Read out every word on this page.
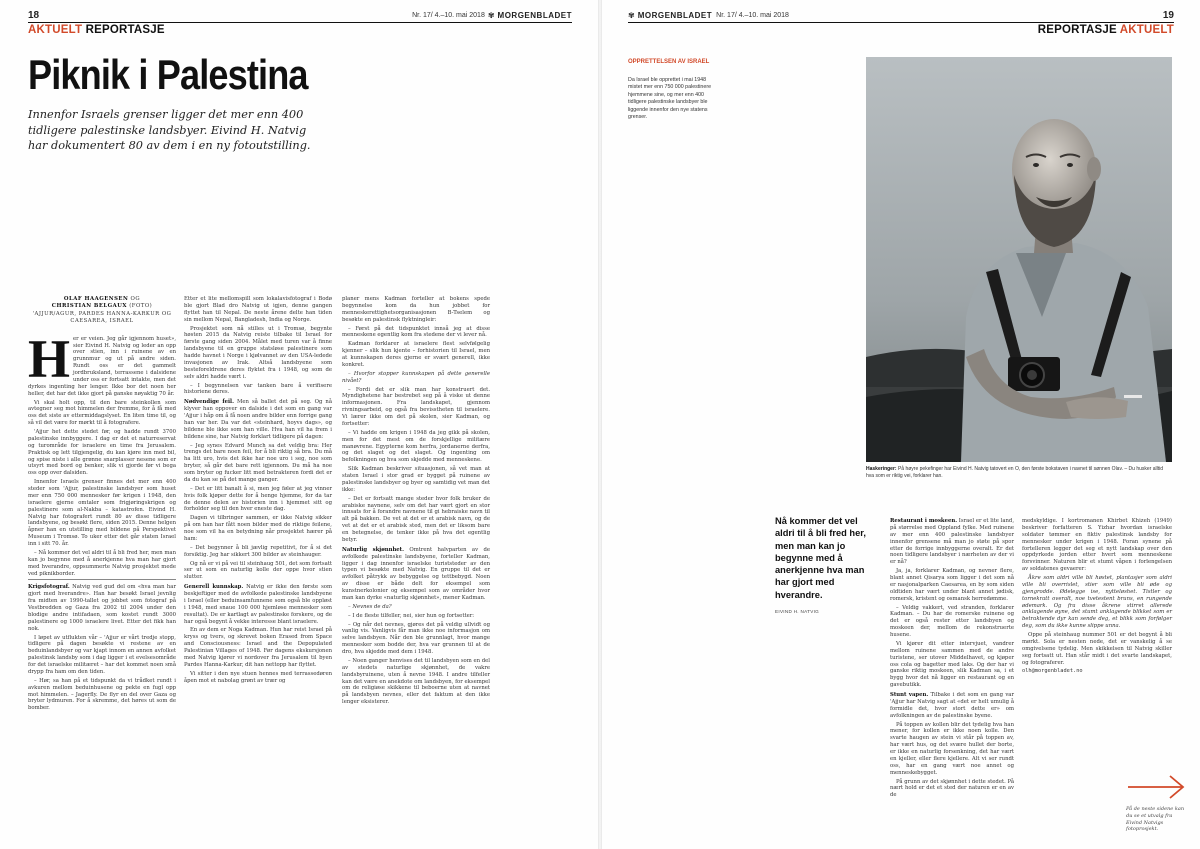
18	Nr. 17/ 4.–10. mai 2018 ✾ MORGENBLADET
AKTUELT REPORTASJE
Piknik i Palestina

Innenfor Israels grenser ligger det mer enn 400 tidligere palestinske landsbyer. Eivind H. Natvig har dokumentert 80 av dem i en ny fotoutstilling.

OLAF HAAGENSEN OG
CHRISTIAN BELGAUX (FOTO)
'AJJUR/AGUR, PARDES HANNA-KARKUR OG CAESAREA, ISRAEL

H er er veien. Jeg går igjennom huset», sier Eivind H. Natvig og leder an opp over stien, inn i ruinene av en grunnmur og ut på andre siden. Rundt oss er det gammelt jordbruksland, terrassene i dalsidene under oss er fortsatt intakte, men det dyrkes ingenting her lenger. Ikke bor det noen her heller, det har det ikke gjort på ganske nøyaktig 70 år.

Vi skal holt opp, til den bare steinkollen som avtegner seg mot himmelen der fremme, for å få med oss det siste av ettermiddagslyset. En liten time til, og så vil det være for mørkt til å fotografere.

'Ajjur het dette stedet før, og hadde rundt 3700 palestinske innbyggere. I dag er det et naturreservat og turområde for israelere en time fra Jerusalem. Praktisk og lett tilgjengelig, du kan kjøre inn med bil, og spise niste i alle grønne snarplasser nesene som er utsyrt med bord og benker, slik vi gjorde før vi bega oss opp over dalsiden.

Innenfor Israels grenser finnes det mer enn 400 steder som 'Ajjur, palestinske landsbyer som huset mer enn 750 000 mennesker før krigen i 1948, den israelere gjerne omtaler som frigjøringskrigen og palestinere som al-Nakba – katastrofen. Eivind H. Natvig har fotografert rundt 80 av disse tidligere landsbyene, og besøkt flere, siden 2015. Denne helgen åpner han en utstilling med bildene på Perspektivet Museum i Tromsø. To uker etter det går staten Israel inn i sitt 70. år.

– Nå kommer det vel aldri til å bli fred her, men man kan jo begynne med å anerkjenne hva man har gjort med hverandre, oppsummerte Natvig prosjektet mede ved piknikborder.

Krigsfotograf. Natvig ved gud del om «hva man har gjort med hverandre». Han har besøkt Israel jevnlig fra midten av 1990-tallet og jobbet som fotograf på Vestbredden og Gaza fra 2002 til 2004 under den blodige andre intifadaen, som kostet rundt 3000 palestinere og 1000 israelere livet. Etter det fikk han nok.

I løpet av utflukten vår – 'Ajjur er vårt tredje stopp, tidligere på dagen besøkte vi restene av en beduinlandsbyer og var kjapt innom en annen avfolket palestinsk landsby som i dag ligger i et evelsesområde for det israelske militæret – har det kommet noen små drypp fra ham om den tiden.

– Hør, sa han på et tidspunkt da vi trådket rundt i avkuren mellom beduinhusene og pekte en fugl opp mot himmelen. – Jagerfly. De flyr en del over Gaza og bryter lydmuren. For å skremme, det høres ut som de bomber.

Etter et lite mellomspill som lokalavisfotograf i Bodø ble gjort Blad dro Natvig ut igjen, denne gangen flyttet han til Nepal. De neste årene delte han tiden sin mellom Nepal, Bangladesh, India og Norge.

Prosjektet som nå stilles ut i Tromsø, begynte høsten 2015 da Natvig reiste tilbake til Israel for første gang siden 2004. Målet med turen var å finne landsbyene til en gruppe statsløse palestinere som hadde havnet i Norge i kjølvannet av den USA-ledede invasjonen av Irak. Altså landsbyene som besteforeldrene deres flyktet fra i 1948, og som de selv aldri hadde vært i.

– I begynnelsen var tanken bare å verifisere historiene deres.

Nødvendige feil. Men så ballet det på seg. Og nå klyver han oppover en dalside i det som en gang var 'Ajjur i håp om å få noen andre bilder enn forrige gang han var her. Da var det «steinhard, hoyvs dags», og bildene ble ikke som han ville. Hva han vil ha frem i bildene sine, har Natvig forklart tidligere på dagen:

– Jeg synes Edvard Munch sa det veldig bra: Her trengs det bare noen feil, for å bli riktig så bra. Du må ha litt uro, hvis det ikke har noe uro i seg, noe som bryter, så går det bare rett igjennom. Du må ha noe som bryter og fucker litt med betrakteren fordi det er da du kan se på det mange ganger.

– Det er litt banalt å si, men jeg føler at jeg vinner hvis folk kjøper dette for å henge hjemme, for da tar de denne delen av historien inn i hjemmet sitt og forholder seg til den hver eneste dag.

Dagen vi tilbringer sammen, er ikke Natvig sikker på om han har fått noen bilder med de riktige feilene, noe som vil ha en betydning når prosjektet hærer på ham:

– Det begynner å bli jævlig repetitivt, for å si det forsiktig. Jeg har sikkert 300 bilder av steinhauger.

Og nå er vi på vei til steinhaug 501, det som fortsatt ser ut som en naturlig kolle der oppe hvor stien slutter.

Generell kunnskap. Natvig er ikke den første som beskjeftiger med de avfolkede palestinske landsbyene i Israel (eller beduinsamfunnene som også ble oppløst i 1948, med snaue 100 000 hjemløse mennesker som resultat). De er kartlagt av palestinske forskere, og de har også begynt å vekke interesse blant israelere.

En av dem er Noga Kadman. Hun har reist Israel på kryss og tvers, og skrevet boken Erased from Space and Consciousness: Israel and the Depopulated Palestinian Villages of 1948. Før dagens ekskursjonen med Natvig kjører vi nordover fra Jerusalem til byen Pardes Hanna-Karkur, dit han nettopp har flyttet.

Vi sitter i den nye stuen hennes med terrassedøren åpen mot et nabolag grønt av trær og

planer mens Kadman forteller at bokens spede begynnelse kom da hun jobbet for menneskerettighetsorganisasjonen B-Tselem og besøkte en palestinsk flyktningleir:

– Først på det tidspunktet innså jeg at disse menneskene egentlig kom fra stedene der vi lever nå.

Kadman forklarer at israelere flest selvfølgelig kjenner – slik hun kjente – forhistorien til Israel, men at kunnskapen deres gjerne er svært generell, ikke konkret.

– Hvorfor stopper kunnskapen på dette generelle nivået?

– Fordi det er slik man har konstruert det. Myndighetene har bestrebet seg på å viske ut denne informasjonen. Fra landskapet, gjennom rivningsarbeid, og også fra bevisstheten til israelere. Vi lærer ikke om det på skolen, sier Kadman, og fortsetter:

– Vi hadde om krigen i 1948 da jeg gikk på skolen, men for det mest om de forskjellige militære manøvrene. Egypterne kom herfra, jordanerne derfra, og det slaget og det slaget. Og ingenting om befolkningen og hva som skjedde med menneskene.

Slik Kadman beskriver situasjonen, så vet man at staten Israel i stor grad er bygget på ruinene av palestinske landsbyer og byer og samtidig vet man det ikke:

– Det er fortsatt mange steder hvor folk bruker de arabiske navnene, selv om det har vært gjort en stor innsats for å forandre navnene til gi hebraiske navn til alt på bakken. De vet at det er et arabisk navn, og de vet at det er et arabisk sted, men det er liksom bare en betegnelse, de tenker ikke på hva det egentlig betyr.

Naturlig skjønnhet. Omtrent halvparten av de avfolkede palestinske landsbyene, forteller Kadman, ligger i dag innenfor israelske turiststeder av den typen vi besøkte med Natvig. En gruppe til det er avfolket påtrykk av bebyggelse og tettbebygd. Noen av disse er både delt for eksempel som kunstnerkolonier og eksempel som av områder hvor man kan dyrke «naturlig skjønnhet», mener Kadman.

– Nevnes de da?

– I de fleste tilfeller, nei, sier hun og fortsetter:

– Og når det nevnes, gjøres det på veldig ullvidt og vanlig vis. Vanligvis får man ikke noe informasjon om selve landsbyen. Når den ble grunnlagt, hvor mange mennesker som bodde der, hva var grunnen til at de dro, hva skjedde med dem i 1948.

– Noen ganger henvises det til landsbyen som en del av stedets naturlige skjønnhet, de vakre landsbyruinene, uten å nevne 1948. I andre tilfeller kan det være en anekdote om landsbyen, for eksempel om de religiøse skikkene til beboerne uten at navnet på landsbyen nevnes, eller det faktum at den ikke lenger eksisterer.

✾ MORGENBLADET Nr. 17/ 4.–10. mai 2018	19
REPORTASJE AKTUELT
OPPRETTELSEN AV ISRAEL
Da Israel ble opprettet i mai 1948 mistet mer enn 750 000 palestinere hjemmene sine, og mer enn 400 tidligere palestinske landsbyer ble liggende innenfor den nye statens grenser.

Haskeringer: På høyre pekefinger har Eivind H. Natvig tatovert en O, den første bokstaven i navnet til sønnen Olav. – Du husker alltid hva som er riktig vei, forklarer han.

Nå kommer det vel aldri til å bli fred her, men man kan jo begynne med å anerkjenne hva man har gjort med hverandre.

EIVIND H. NATVIG

Restaurant i moskeen. Israel er et lite land, på størrelse med Oppland fylke. Med ruinene av mer enn 400 palestinske landsbyer innenfor grensene må man jo støte på spor etter de forrige innbyggerne overalt. Er det noen tidligere landsbyer i nærheten av der vi er nå?

Ja, ja, forklarer Kadman, og nevner flere, blant annet Qisarya som ligger i det som nå er nasjonalparken Caesarea, en by som siden oldtiden har vært under blant annet jødisk, romersk, kristent og osmansk herredømme.

– Veldig vakkert, ved stranden, forklarer Kadman. – Du har de romerske ruinene og det er også rester etter landsbyen og moskeen der, mellom de rekonstruerte husene.

Vi kjører dit etter intervjuet, vandrer mellom ruinene sammen med de andre turistene, ser utover Middelhavet, og kjøper oss cola og bagetter med laks. Og der har vi ganske riktig moskeen, slik Kadman sa, i et bygg hvor det nå ligger en restaurant og en gavebutikk.

Stunt vapen. Tilbake i det som en gang var 'Ajjur har Natvig sagt at «det er helt umulig å formidle det, hvor stort dette er» om avfolkningen av de palestinske byene.

På toppen av kollen blir det tydelig hva han mener, for kollen er ikke noen kolle. Den svarte haugen av stein vi står på toppen av, har vært hus, og det svære hullet der borte, er ikke en naturlig forsenkning, det har vært en kjeller, eller flere kjellere. Alt vi ser rundt oss, har en gang vært noe annet og menneskebygget.

På grunn av det skjønnhet i dette stedet. På nært hold er det et sted der naturen er en av de

medskyldige. I kortromanen Khirbet Khizeh (1949) beskriver forfatteren S. Yizhar hvordan israelske soldater tømmer en fiktiv palestinsk landsby for mennesker under krigen i 1948. Foran synene på fortelleren legger det seg et nytt landskap over den oppdyrkede jorden etter hvert som menneskene forsvinner. Naturen blir et stumt våpen i forlengelsen av soldatenes gevaerer:

Åkre som aldri ville bli høstet, plantasjer som aldri ville bli overrislet, stier som ville bli øde og gjengrodde. Ødelegge ise, nytteløshet. Tistler og tornekratt overalt, noe tvetestent bruns, en rungende ødemark. Og fra disse åkrene stirret allerede anklagende øyne, det stumt anklagende blikket som er betraktende dyr kan sende deg, et blikk som forfølger deg, som du ikke kunne slippe unna.

Oppe på steinhaug nummer 501 er det begynt å bli mørkt. Sola er nesten nede, det er vanskelig å se omgivelsene tydelig. Men skikkelsen til Natvig skiller seg fortsatt ut. Han står midt i det svarte landskapet, og fotograferer.

olh@morgenbladet.no

På de neste sidene kan du se et utvalg fra Eivind Natvigs fotoprosjekt.
